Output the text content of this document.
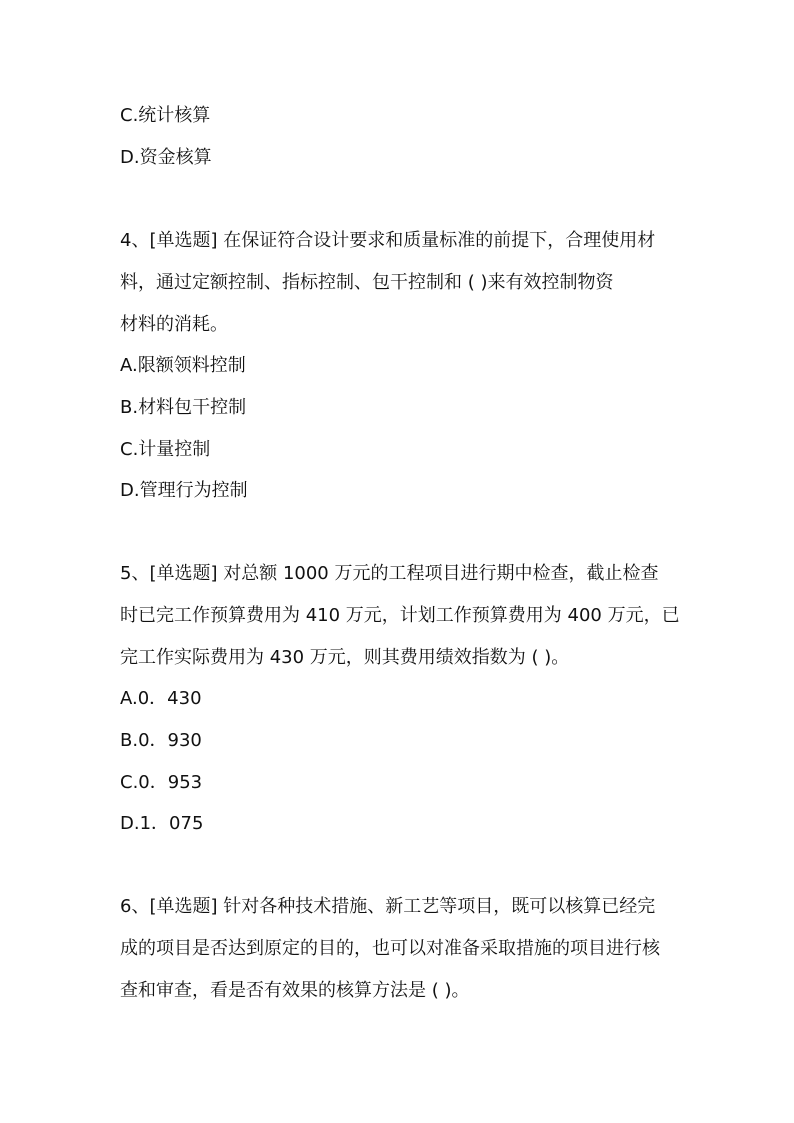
C.统计核算
D.资金核算
4、[单选题] 在保证符合设计要求和质量标准的前提下，合理使用材
料，通过定额控制、指标控制、包干控制和 ( )来有效控制物资
材料的消耗。
A.限额领料控制
B.材料包干控制
C.计量控制
D.管理行为控制
5、[单选题] 对总额 1000 万元的工程项目进行期中检查，截止检查
时已完工作预算费用为 410 万元，计划工作预算费用为 400 万元，已
完工作实际费用为 430 万元，则其费用绩效指数为 ( )。
A.0．430
B.0．930
C.0．953
D.1．075
6、[单选题] 针对各种技术措施、新工艺等项目，既可以核算已经完
成的项目是否达到原定的目的，也可以对准备采取措施的项目进行核
查和审查，看是否有效果的核算方法是 ( )。
